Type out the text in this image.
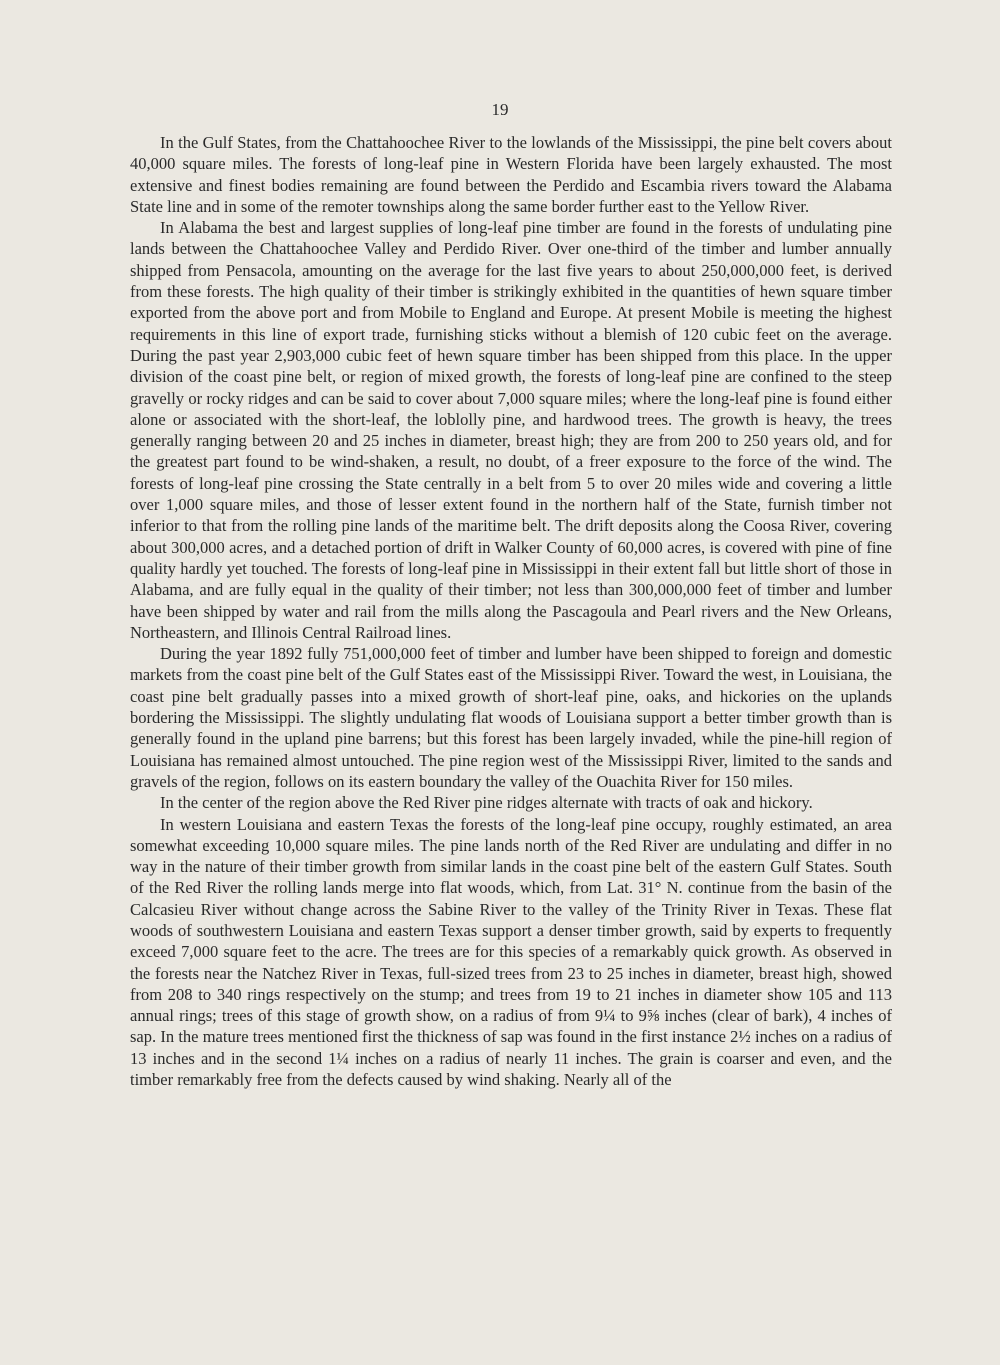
19

In the Gulf States, from the Chattahoochee River to the lowlands of the Mississippi, the pine belt covers about 40,000 square miles. The forests of long-leaf pine in Western Florida have been largely exhausted. The most extensive and finest bodies remaining are found between the Perdido and Escambia rivers toward the Alabama State line and in some of the remoter townships along the same border further east to the Yellow River.

In Alabama the best and largest supplies of long-leaf pine timber are found in the forests of undulating pine lands between the Chattahoochee Valley and Perdido River. Over one-third of the timber and lumber annually shipped from Pensacola, amounting on the average for the last five years to about 250,000,000 feet, is derived from these forests. The high quality of their timber is strikingly exhibited in the quantities of hewn square timber exported from the above port and from Mobile to England and Europe. At present Mobile is meeting the highest requirements in this line of export trade, furnishing sticks without a blemish of 120 cubic feet on the average. During the past year 2,903,000 cubic feet of hewn square timber has been shipped from this place. In the upper division of the coast pine belt, or region of mixed growth, the forests of long-leaf pine are confined to the steep gravelly or rocky ridges and can be said to cover about 7,000 square miles; where the long-leaf pine is found either alone or associated with the short-leaf, the loblolly pine, and hardwood trees. The growth is heavy, the trees generally ranging between 20 and 25 inches in diameter, breast high; they are from 200 to 250 years old, and for the greatest part found to be wind-shaken, a result, no doubt, of a freer exposure to the force of the wind. The forests of long-leaf pine crossing the State centrally in a belt from 5 to over 20 miles wide and covering a little over 1,000 square miles, and those of lesser extent found in the northern half of the State, furnish timber not inferior to that from the rolling pine lands of the maritime belt. The drift deposits along the Coosa River, covering about 300,000 acres, and a detached portion of drift in Walker County of 60,000 acres, is covered with pine of fine quality hardly yet touched. The forests of long-leaf pine in Mississippi in their extent fall but little short of those in Alabama, and are fully equal in the quality of their timber; not less than 300,000,000 feet of timber and lumber have been shipped by water and rail from the mills along the Pascagoula and Pearl rivers and the New Orleans, Northeastern, and Illinois Central Railroad lines.

During the year 1892 fully 751,000,000 feet of timber and lumber have been shipped to foreign and domestic markets from the coast pine belt of the Gulf States east of the Mississippi River. Toward the west, in Louisiana, the coast pine belt gradually passes into a mixed growth of short-leaf pine, oaks, and hickories on the uplands bordering the Mississippi. The slightly undulating flat woods of Louisiana support a better timber growth than is generally found in the upland pine barrens; but this forest has been largely invaded, while the pine-hill region of Louisiana has remained almost untouched. The pine region west of the Mississippi River, limited to the sands and gravels of the region, follows on its eastern boundary the valley of the Ouachita River for 150 miles.

In the center of the region above the Red River pine ridges alternate with tracts of oak and hickory.

In western Louisiana and eastern Texas the forests of the long-leaf pine occupy, roughly estimated, an area somewhat exceeding 10,000 square miles. The pine lands north of the Red River are undulating and differ in no way in the nature of their timber growth from similar lands in the coast pine belt of the eastern Gulf States. South of the Red River the rolling lands merge into flat woods, which, from Lat. 31° N. continue from the basin of the Calcasieu River without change across the Sabine River to the valley of the Trinity River in Texas. These flat woods of southwestern Louisiana and eastern Texas support a denser timber growth, said by experts to frequently exceed 7,000 square feet to the acre. The trees are for this species of a remarkably quick growth. As observed in the forests near the Natchez River in Texas, full-sized trees from 23 to 25 inches in diameter, breast high, showed from 208 to 340 rings respectively on the stump; and trees from 19 to 21 inches in diameter show 105 and 113 annual rings; trees of this stage of growth show, on a radius of from 9¼ to 9⅝ inches (clear of bark), 4 inches of sap. In the mature trees mentioned first the thickness of sap was found in the first instance 2½ inches on a radius of 13 inches and in the second 1¼ inches on a radius of nearly 11 inches. The grain is coarser and even, and the timber remarkably free from the defects caused by wind shaking. Nearly all of the
